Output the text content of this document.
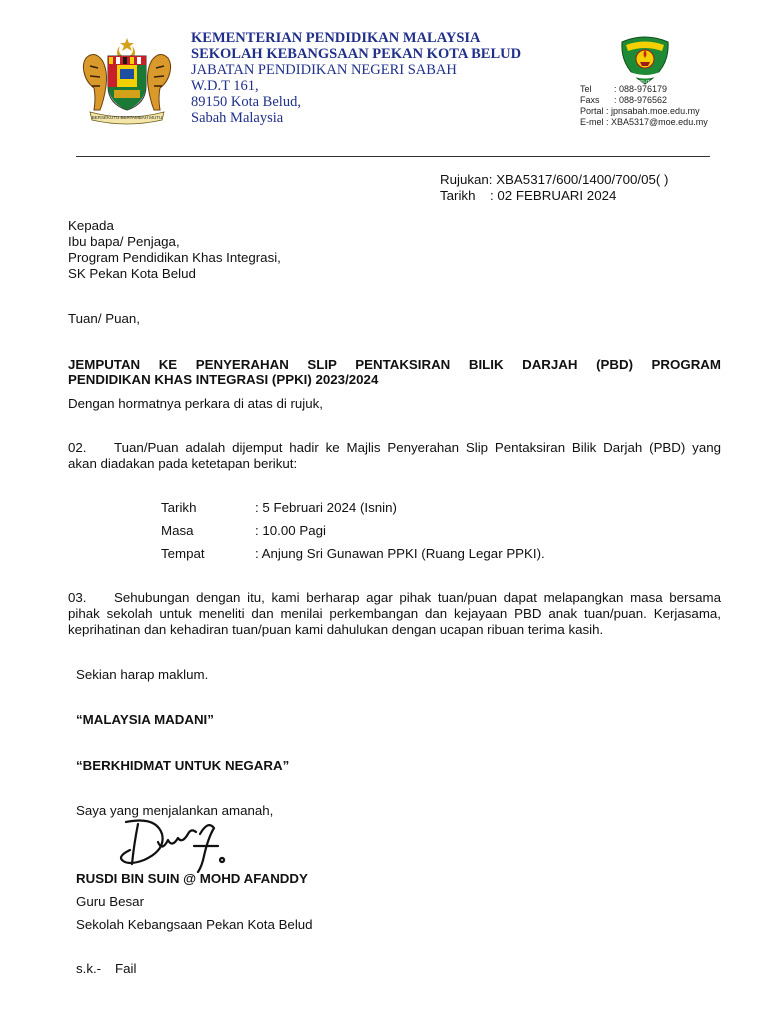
BERSEKUTU BERTAMBAH MUTU
KEMENTERIAN PENDIDIKAN MALAYSIA
SEKOLAH KEBANGSAAN PEKAN KOTA BELUD
JABATAN PENDIDIKAN NEGERI SABAH
W.D.T 161,
89150 Kota Belud,
Sabah Malaysia
PELITA
Tel : 088-976179
Faxs : 088-976562
Portal : jpnsabah.moe.edu.my
E-mel : XBA5317@moe.edu.my
Rujukan: XBA5317/600/1400/700/05( )
Tarikh : 02 FEBRUARI 2024
Kepada
Ibu bapa/ Penjaga,
Program Pendidikan Khas Integrasi,
SK Pekan Kota Belud
Tuan/ Puan,
JEMPUTAN KE PENYERAHAN SLIP PENTAKSIRAN BILIK DARJAH (PBD) PROGRAM
PENDIDIKAN KHAS INTEGRASI (PPKI) 2023/2024
Dengan hormatnya perkara di atas di rujuk,
02. Tuan/Puan adalah dijemput hadir ke Majlis Penyerahan Slip Pentaksiran Bilik Darjah (PBD) yang
akan diadakan pada ketetapan berikut:
Tarikh	: 5 Februari 2024 (Isnin)
Masa	: 10.00 Pagi
Tempat	: Anjung Sri Gunawan PPKI (Ruang Legar PPKI).
03. Sehubungan dengan itu, kami berharap agar pihak tuan/puan dapat melapangkan masa bersama
pihak sekolah untuk meneliti dan menilai perkembangan dan kejayaan PBD anak tuan/puan. Kerjasama,
keprihatinan dan kehadiran tuan/puan kami dahulukan dengan ucapan ribuan terima kasih.
Sekian harap maklum.
“MALAYSIA MADANI”
“BERKHIDMAT UNTUK NEGARA”
Saya yang menjalankan amanah,
RUSDI BIN SUIN @ MOHD AFANDDY
Guru Besar
Sekolah Kebangsaan Pekan Kota Belud
s.k.- Fail
